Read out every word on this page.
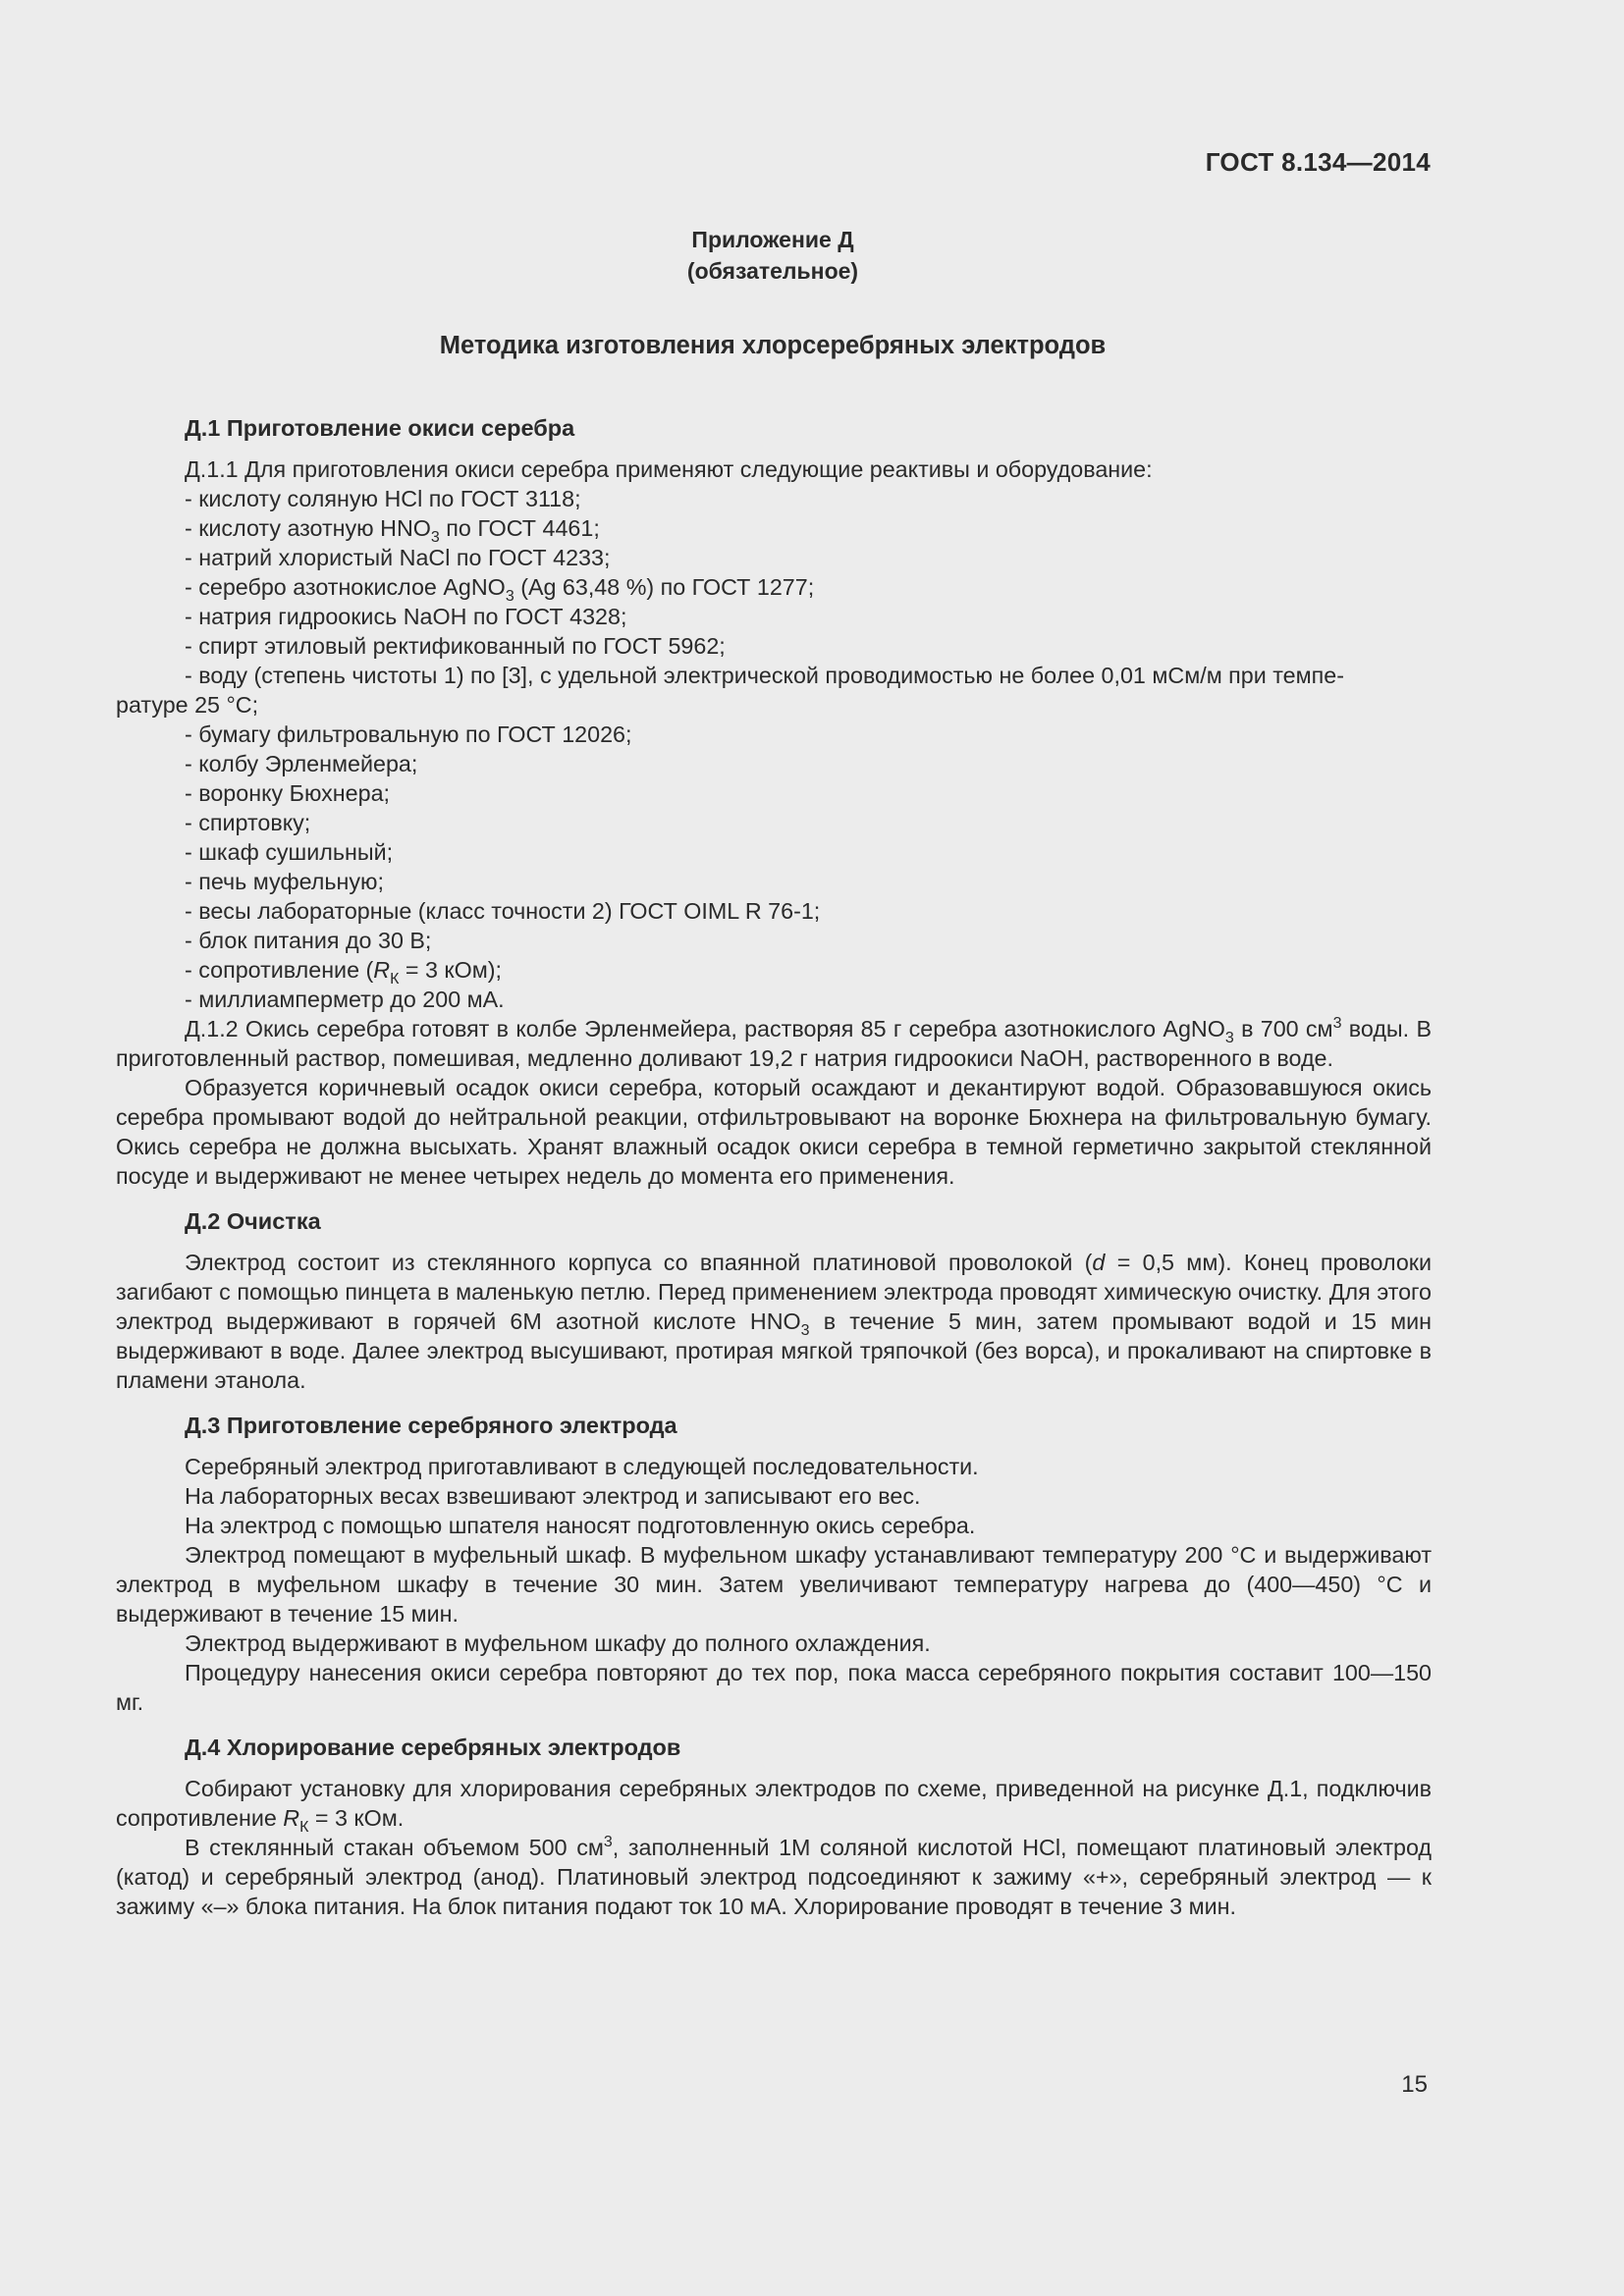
ГОСТ 8.134—2014
Приложение Д
(обязательное)
Методика изготовления хлорсеребряных электродов
Д.1 Приготовление окиси серебра

Д.1.1 Для приготовления окиси серебра применяют следующие реактивы и оборудование:

- кислоту соляную HCl по ГОСТ 3118;

- кислоту азотную $HNO_3$ по ГОСТ 4461;

- натрий хлористый NaCl по ГОСТ 4233;

- серебро азотнокислое AgNO$_3$ (Ag 63,48 %) по ГОСТ 1277;

- натрия гидроокись NaOH по ГОСТ 4328;

- спирт этиловый ректификованный по ГОСТ 5962;

- воду (степень чистоты 1) по [3], с удельной электрической проводимостью не более 0,01 мСм/м при темпе-

ратуре 25 °С;

- бумагу фильтровальную по ГОСТ 12026;

- колбу Эрленмейера;

- воронку Бюхнера;

- спиртовку;

- шкаф сушильный;

- печь муфельную;

- весы лабораторные (класс точности 2) ГОСТ OIML R 76-1;

- блок питания до 30 В;

- сопротивление ($R_К = 3$ кОм);

- миллиамперметр до 200 мА.

Д.1.2 Окись серебра готовят в колбе Эрленмейера, растворяя 85 г серебра азотнокислого AgNO$_3$ в 700 $см^3$ воды. В приготовленный раствор, помешивая, медленно доливают 19,2 г натрия гидроокиси NaOH, растворенного в воде.

Образуется коричневый осадок окиси серебра, который осаждают и декантируют водой. Образовавшуюся окись серебра промывают водой до нейтральной реакции, отфильтровывают на воронке Бюхнера на фильтровальную бумагу. Окись серебра не должна высыхать. Хранят влажный осадок окиси серебра в темной герметично закрытой стеклянной посуде и выдерживают не менее четырех недель до момента его применения.

Д.2 Очистка

Электрод состоит из стеклянного корпуса со впаянной платиновой проволокой (d = 0,5 мм). Конец проволоки загибают с помощью пинцета в маленькую петлю. Перед применением электрода проводят химическую очистку. Для этого электрод выдерживают в горячей 6М азотной кислоте $HNO_3$ в течение 5 мин, затем промывают водой и 15 мин выдерживают в воде. Далее электрод высушивают, протирая мягкой тряпочкой (без ворса), и прокаливают на спиртовке в пламени этанола.

Д.3 Приготовление серебряного электрода

Серебряный электрод приготавливают в следующей последовательности.

На лабораторных весах взвешивают электрод и записывают его вес.

На электрод с помощью шпателя наносят подготовленную окись серебра.

Электрод помещают в муфельный шкаф. В муфельном шкафу устанавливают температуру 200 °С и выдерживают электрод в муфельном шкафу в течение 30 мин. Затем увеличивают температуру нагрева до (400—450) °С и выдерживают в течение 15 мин.

Электрод выдерживают в муфельном шкафу до полного охлаждения.

Процедуру нанесения окиси серебра повторяют до тех пор, пока масса серебряного покрытия составит 100—150 мг.

Д.4 Хлорирование серебряных электродов

Собирают установку для хлорирования серебряных электродов по схеме, приведенной на рисунке Д.1, подключив сопротивление $R_К = 3$ кОм.

В стеклянный стакан объемом 500 $см^3$, заполненный 1М соляной кислотой HCl, помещают платиновый электрод (катод) и серебряный электрод (анод). Платиновый электрод подсоединяют к зажиму «+», серебряный электрод — к зажиму «–» блока питания. На блок питания подают ток 10 мА. Хлорирование проводят в течение 3 мин.

15
